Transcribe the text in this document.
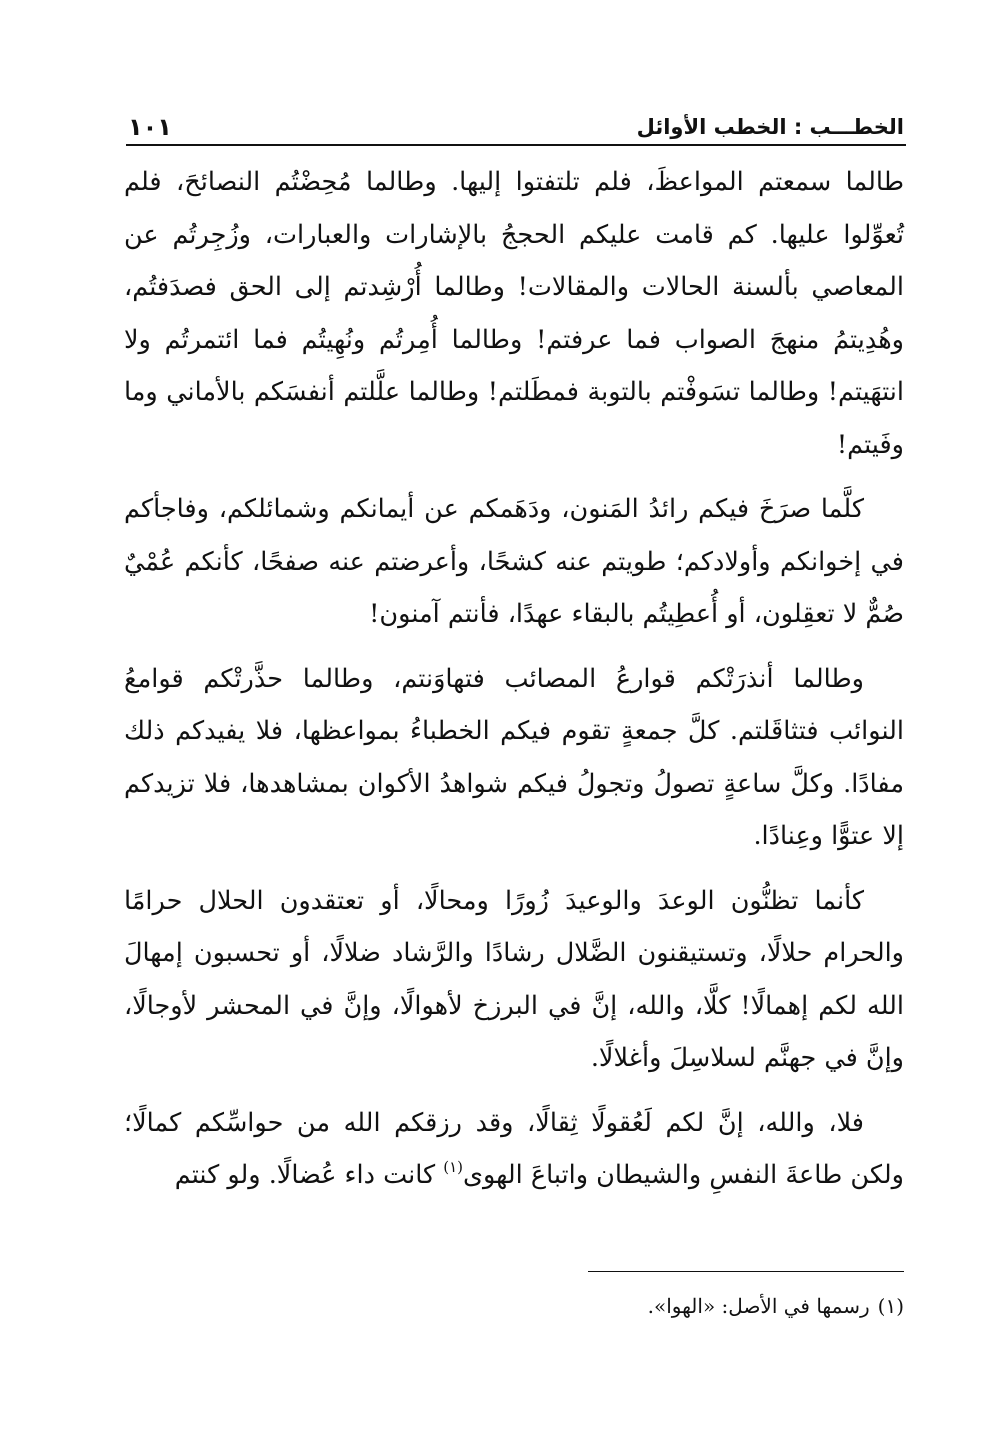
الخطـــب : الخطب الأوائل
١٠١

طالما سمعتم المواعظَ، فلم تلتفتوا إليها. وطالما مُحِضْتُم النصائحَ، فلم تُعوِّلوا عليها. كم قامت عليكم الحججُ بالإشارات والعبارات، وزُجِرتُم عن المعاصي بألسنة الحالات والمقالات! وطالما أُرْشِدتم إلى الحق فصدَفتُم، وهُدِيتمُ منهجَ الصواب فما عرفتم! وطالما أُمِرتُم ونُهِيتُم فما ائتمرتُم ولا انتهَيتم! وطالما تسَوفْتم بالتوبة فمطَلتم! وطالما علَّلتم أنفسَكم بالأماني وما وفَيتم!

كلَّما صرَخَ فيكم رائدُ المَنون، ودَهَمكم عن أيمانكم وشمائلكم، وفاجأكم في إخوانكم وأولادكم؛ طويتم عنه كشحًا، وأعرضتم عنه صفحًا، كأنكم عُمْيٌ صُمٌّ لا تعقِلون، أو أُعطِيتُم بالبقاء عهدًا، فأنتم آمنون!

وطالما أنذرَتْكم قوارعُ المصائب فتهاوَنتم، وطالما حذَّرتْكم قوامعُ النوائب فتثاقَلتم. كلَّ جمعةٍ تقوم فيكم الخطباءُ بمواعظها، فلا يفيدكم ذلك مفادًا. وكلَّ ساعةٍ تصولُ وتجولُ فيكم شواهدُ الأكوان بمشاهدها، فلا تزيدكم إلا عتوًّا وعِنادًا.

كأنما تظنُّون الوعدَ والوعيدَ زُورًا ومحالًا، أو تعتقدون الحلال حرامًا والحرام حلالًا، وتستيقنون الضَّلال رشادًا والرَّشاد ضلالًا، أو تحسبون إمهالَ الله لكم إهمالًا! كلَّا، والله، إنَّ في البرزخ لأهوالًا، وإنَّ في المحشر لأوجالًا، وإنَّ في جهنَّم لسلاسِلَ وأغلالًا.

فلا، والله، إنَّ لكم لَعُقولًا ثِقالًا، وقد رزقكم الله من حواسِّكم كمالًا؛ ولكن طاعةَ النفسِ والشيطان واتباعَ الهوى$^{(١)}$ كانت داء عُضالًا. ولو كنتم

(١)رسمها في الأصل: «الهوا».
